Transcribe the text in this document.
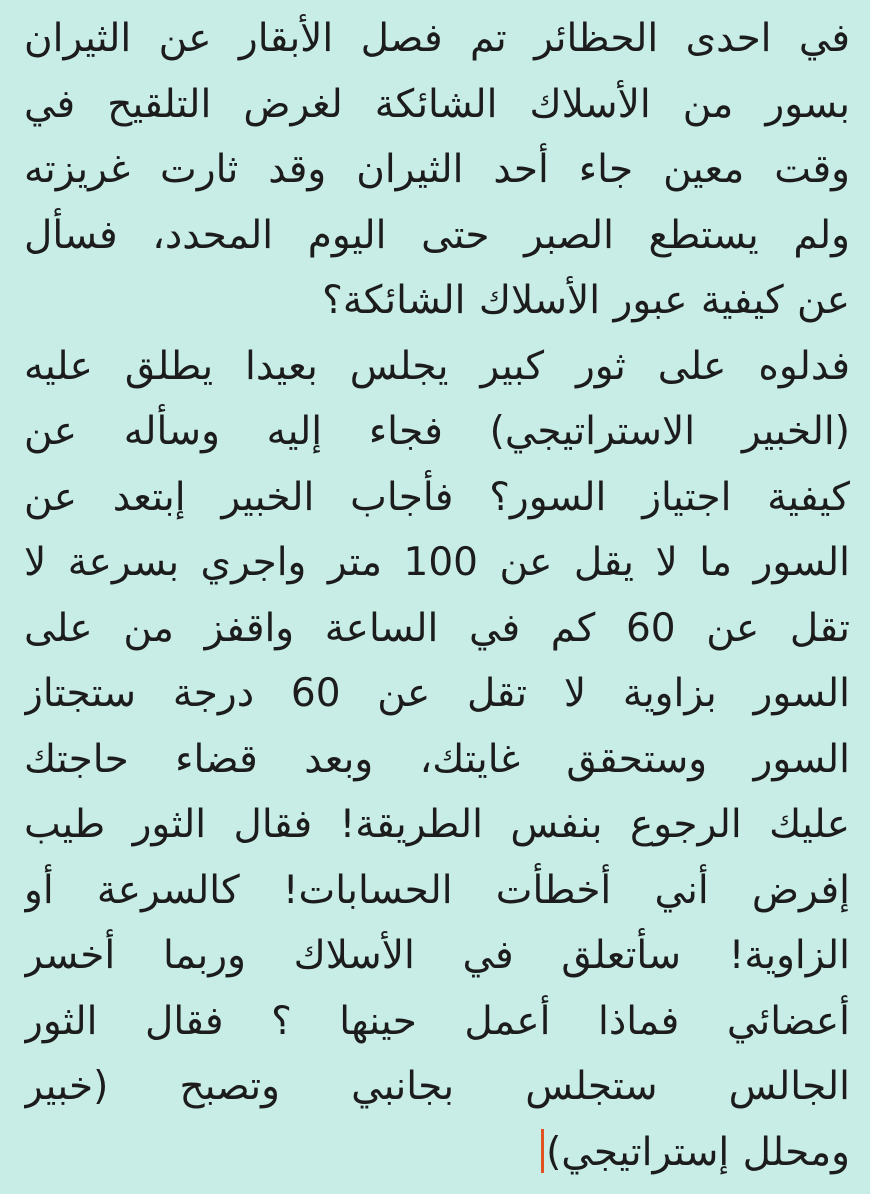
في احدى الحظائر تم فصل الأبقار عن الثيران
بسور من الأسلاك الشائكة لغرض التلقيح في
وقت معين جاء أحد الثيران وقد ثارت غريزته
ولم يستطع الصبر حتى اليوم المحدد، فسأل
عن كيفية عبور الأسلاك الشائكة؟
فدلوه على ثور كبير يجلس بعيدا يطلق عليه
(الخبير الاستراتيجي) فجاء إليه وسأله عن
كيفية اجتياز السور؟ فأجاب الخبير إبتعد عن
السور ما لا يقل عن 100 متر واجري بسرعة لا
تقل عن 60 كم في الساعة واقفز من على
السور بزاوية لا تقل عن 60 درجة ستجتاز
السور وستحقق غايتك، وبعد قضاء حاجتك
عليك الرجوع بنفس الطريقة! فقال الثور طيب
إفرض أني أخطأت الحسابات! كالسرعة أو
الزاوية! سأتعلق في الأسلاك وربما أخسر
أعضائي فماذا أعمل حينها ؟ فقال الثور
الجالس ستجلس بجانبي وتصبح (خبير
ومحلل إستراتيجي)
